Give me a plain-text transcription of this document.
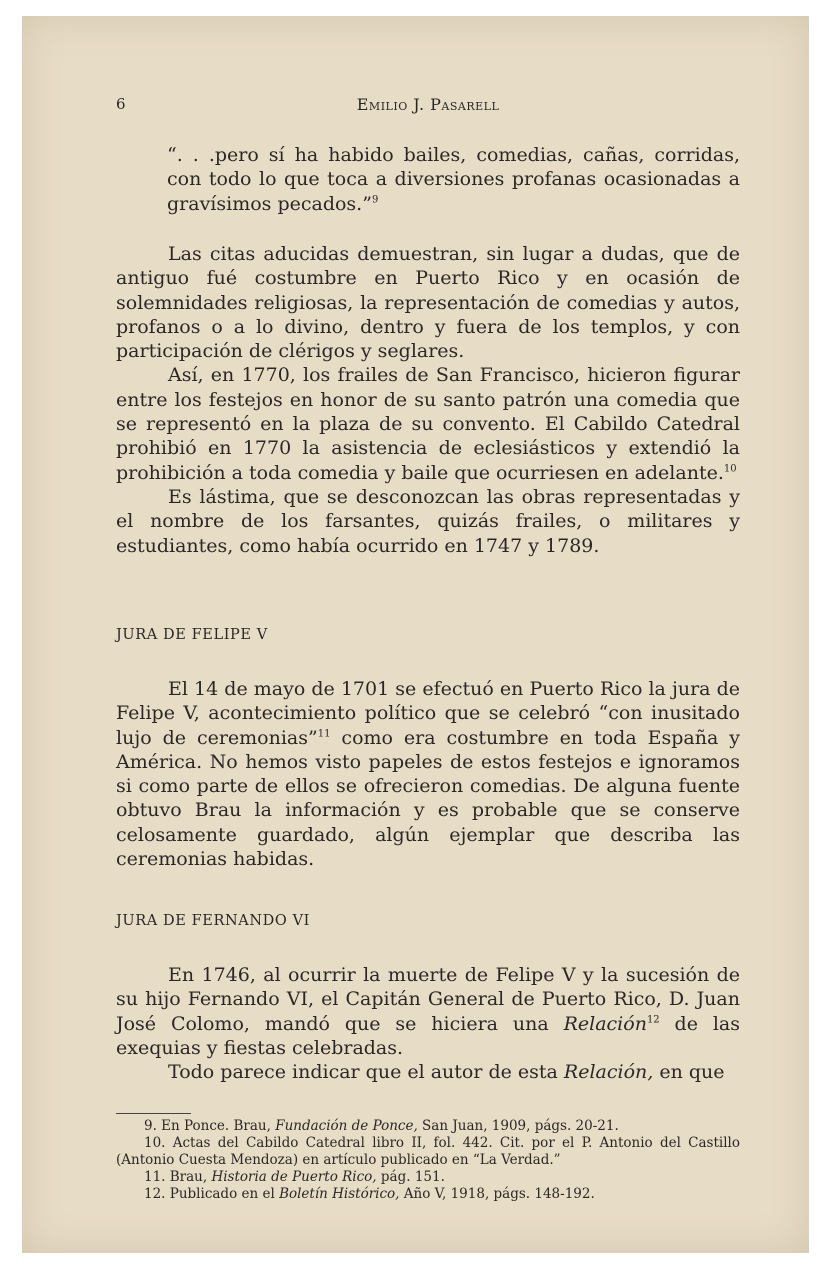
6	Emilio J. Pasarell

“. . .pero sí ha habido bailes, comedias, cañas, corridas, con todo lo que toca a diversiones profanas ocasionadas a gravísimos pecados.”$^9$

Las citas aducidas demuestran, sin lugar a dudas, que de antiguo fué costumbre en Puerto Rico y en ocasión de solemnidades religiosas, la representación de comedias y autos, profanos o a lo divino, dentro y fuera de los templos, y con participación de clérigos y seglares.

Así, en 1770, los frailes de San Francisco, hicieron figurar entre los festejos en honor de su santo patrón una comedia que se representó en la plaza de su convento. El Cabildo Catedral prohibió en 1770 la asistencia de eclesiásticos y extendió la prohibición a toda comedia y baile que ocurriesen en adelante.$^{10}$

Es lástima, que se desconozcan las obras representadas y el nombre de los farsantes, quizás frailes, o militares y estudiantes, como había ocurrido en 1747 y 1789.

JURA DE FELIPE V

El 14 de mayo de 1701 se efectuó en Puerto Rico la jura de Felipe V, acontecimiento político que se celebró “con inusitado lujo de ceremonias”$^{11}$ como era costumbre en toda España y América. No hemos visto papeles de estos festejos e ignoramos si como parte de ellos se ofrecieron comedias. De alguna fuente obtuvo Brau la información y es probable que se conserve celosamente guardado, algún ejemplar que describa las ceremonias habidas.

JURA DE FERNANDO VI

En 1746, al ocurrir la muerte de Felipe V y la sucesión de su hijo Fernando VI, el Capitán General de Puerto Rico, D. Juan José Colomo, mandó que se hiciera una Relación$^{12}$ de las exequias y fiestas celebradas.

Todo parece indicar que el autor de esta Relación, en que

9. En Ponce. Brau, Fundación de Ponce, San Juan, 1909, págs. 20-21.

10. Actas del Cabildo Catedral libro II, fol. 442. Cit. por el P. Antonio del Castillo (Antonio Cuesta Mendoza) en artículo publicado en “La Verdad.”

11. Brau, Historia de Puerto Rico, pág. 151.

12. Publicado en el Boletín Histórico, Año V, 1918, págs. 148-192.
